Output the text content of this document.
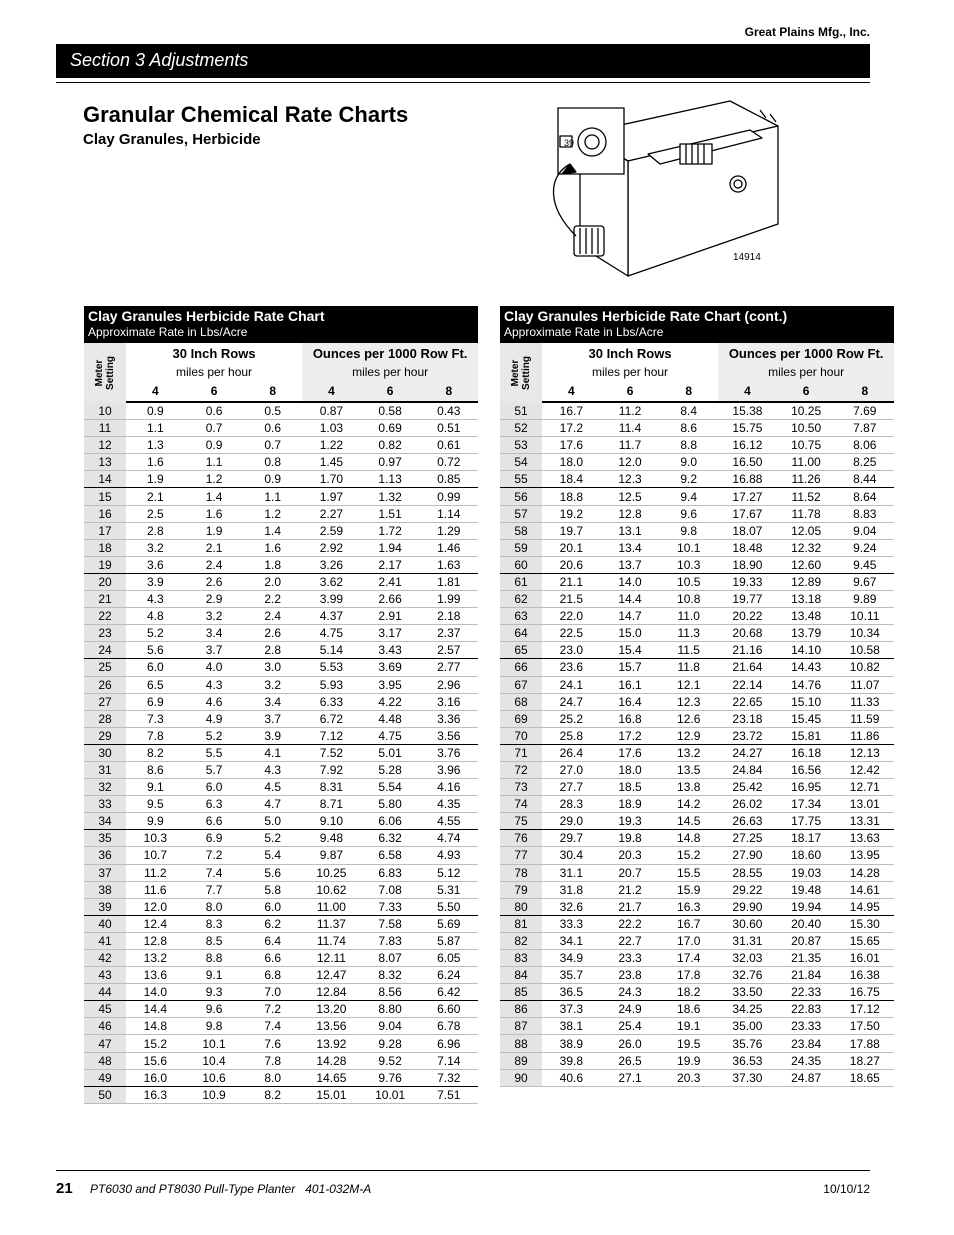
Great Plains Mfg., Inc.
Section 3 Adjustments
Granular Chemical Rate Charts
Clay Granules, Herbicide	39
14914
Clay Granules Herbicide Rate Chart
Approximate Rate in Lbs/Acre
Meter Setting	30 Inch Rows			Ounces per 1000 Row Ft.		
	miles per hour			miles per hour		
	4	6	8	4	6	8
10	0.9	0.6	0.5	0.87	0.58	0.43
11	1.1	0.7	0.6	1.03	0.69	0.51
12	1.3	0.9	0.7	1.22	0.82	0.61
13	1.6	1.1	0.8	1.45	0.97	0.72
14	1.9	1.2	0.9	1.70	1.13	0.85
15	2.1	1.4	1.1	1.97	1.32	0.99
16	2.5	1.6	1.2	2.27	1.51	1.14
17	2.8	1.9	1.4	2.59	1.72	1.29
18	3.2	2.1	1.6	2.92	1.94	1.46
19	3.6	2.4	1.8	3.26	2.17	1.63
20	3.9	2.6	2.0	3.62	2.41	1.81
21	4.3	2.9	2.2	3.99	2.66	1.99
22	4.8	3.2	2.4	4.37	2.91	2.18
23	5.2	3.4	2.6	4.75	3.17	2.37
24	5.6	3.7	2.8	5.14	3.43	2.57
25	6.0	4.0	3.0	5.53	3.69	2.77
26	6.5	4.3	3.2	5.93	3.95	2.96
27	6.9	4.6	3.4	6.33	4.22	3.16
28	7.3	4.9	3.7	6.72	4.48	3.36
29	7.8	5.2	3.9	7.12	4.75	3.56
30	8.2	5.5	4.1	7.52	5.01	3.76
31	8.6	5.7	4.3	7.92	5.28	3.96
32	9.1	6.0	4.5	8.31	5.54	4.16
33	9.5	6.3	4.7	8.71	5.80	4.35
34	9.9	6.6	5.0	9.10	6.06	4.55
35	10.3	6.9	5.2	9.48	6.32	4.74
36	10.7	7.2	5.4	9.87	6.58	4.93
37	11.2	7.4	5.6	10.25	6.83	5.12
38	11.6	7.7	5.8	10.62	7.08	5.31
39	12.0	8.0	6.0	11.00	7.33	5.50
40	12.4	8.3	6.2	11.37	7.58	5.69
41	12.8	8.5	6.4	11.74	7.83	5.87
42	13.2	8.8	6.6	12.11	8.07	6.05
43	13.6	9.1	6.8	12.47	8.32	6.24
44	14.0	9.3	7.0	12.84	8.56	6.42
45	14.4	9.6	7.2	13.20	8.80	6.60
46	14.8	9.8	7.4	13.56	9.04	6.78
47	15.2	10.1	7.6	13.92	9.28	6.96
48	15.6	10.4	7.8	14.28	9.52	7.14
49	16.0	10.6	8.0	14.65	9.76	7.32
50	16.3	10.9	8.2	15.01	10.01	7.51
Clay Granules Herbicide Rate Chart (cont.)
Approximate Rate in Lbs/Acre
Meter Setting	30 Inch Rows			Ounces per 1000 Row Ft.		
	miles per hour			miles per hour		
	4	6	8	4	6	8
51	16.7	11.2	8.4	15.38	10.25	7.69
52	17.2	11.4	8.6	15.75	10.50	7.87
53	17.6	11.7	8.8	16.12	10.75	8.06
54	18.0	12.0	9.0	16.50	11.00	8.25
55	18.4	12.3	9.2	16.88	11.26	8.44
56	18.8	12.5	9.4	17.27	11.52	8.64
57	19.2	12.8	9.6	17.67	11.78	8.83
58	19.7	13.1	9.8	18.07	12.05	9.04
59	20.1	13.4	10.1	18.48	12.32	9.24
60	20.6	13.7	10.3	18.90	12.60	9.45
61	21.1	14.0	10.5	19.33	12.89	9.67
62	21.5	14.4	10.8	19.77	13.18	9.89
63	22.0	14.7	11.0	20.22	13.48	10.11
64	22.5	15.0	11.3	20.68	13.79	10.34
65	23.0	15.4	11.5	21.16	14.10	10.58
66	23.6	15.7	11.8	21.64	14.43	10.82
67	24.1	16.1	12.1	22.14	14.76	11.07
68	24.7	16.4	12.3	22.65	15.10	11.33
69	25.2	16.8	12.6	23.18	15.45	11.59
70	25.8	17.2	12.9	23.72	15.81	11.86
71	26.4	17.6	13.2	24.27	16.18	12.13
72	27.0	18.0	13.5	24.84	16.56	12.42
73	27.7	18.5	13.8	25.42	16.95	12.71
74	28.3	18.9	14.2	26.02	17.34	13.01
75	29.0	19.3	14.5	26.63	17.75	13.31
76	29.7	19.8	14.8	27.25	18.17	13.63
77	30.4	20.3	15.2	27.90	18.60	13.95
78	31.1	20.7	15.5	28.55	19.03	14.28
79	31.8	21.2	15.9	29.22	19.48	14.61
80	32.6	21.7	16.3	29.90	19.94	14.95
81	33.3	22.2	16.7	30.60	20.40	15.30
82	34.1	22.7	17.0	31.31	20.87	15.65
83	34.9	23.3	17.4	32.03	21.35	16.01
84	35.7	23.8	17.8	32.76	21.84	16.38
85	36.5	24.3	18.2	33.50	22.33	16.75
86	37.3	24.9	18.6	34.25	22.83	17.12
87	38.1	25.4	19.1	35.00	23.33	17.50
88	38.9	26.0	19.5	35.76	23.84	17.88
89	39.8	26.5	19.9	36.53	24.35	18.27
90	40.6	27.1	20.3	37.30	24.87	18.65
21 PT6030 and PT8030 Pull-Type Planter   401-032M-A	10/10/12
